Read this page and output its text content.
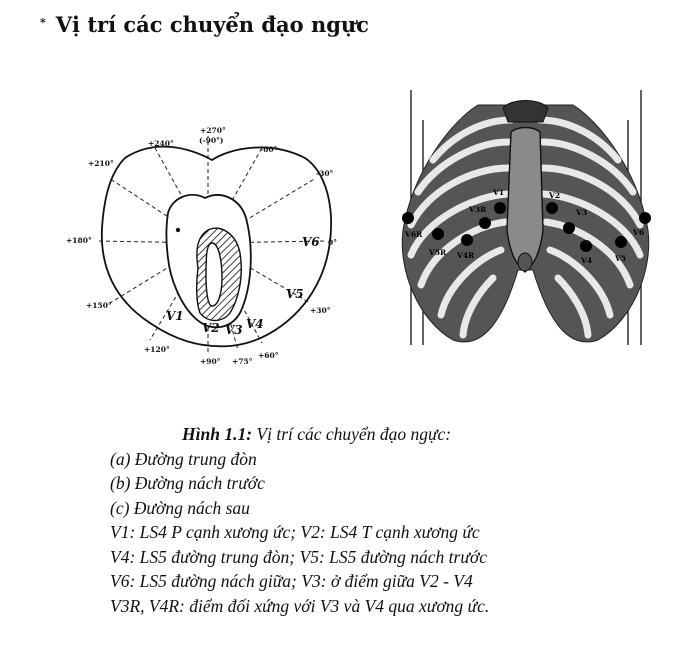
* Vị trí các chuyển đạo ngực
+270°
(-90°)
+240°
+210°
+180°
+150°
+120°
+90° +75°
+60°
+30°
0°
-30°
-60°
V1
V2 V3 V4
V5
V6
V1
V3R
V2
V3
V6R
V5R V4R
V4	V5
V6
Hình 1.1: Vị trí các chuyển đạo ngực:
(a) Đường trung đòn
(b) Đường nách trước
(c) Đường nách sau
V1: LS4 P cạnh xương ức; V2: LS4 T cạnh xương ức
V4: LS5 đường trung đòn; V5: LS5 đường nách trước
V6: LS5 đường nách giữa; V3: ở điểm giữa V2 - V4
V3R, V4R: điểm đối xứng với V3 và V4 qua xương ức.
